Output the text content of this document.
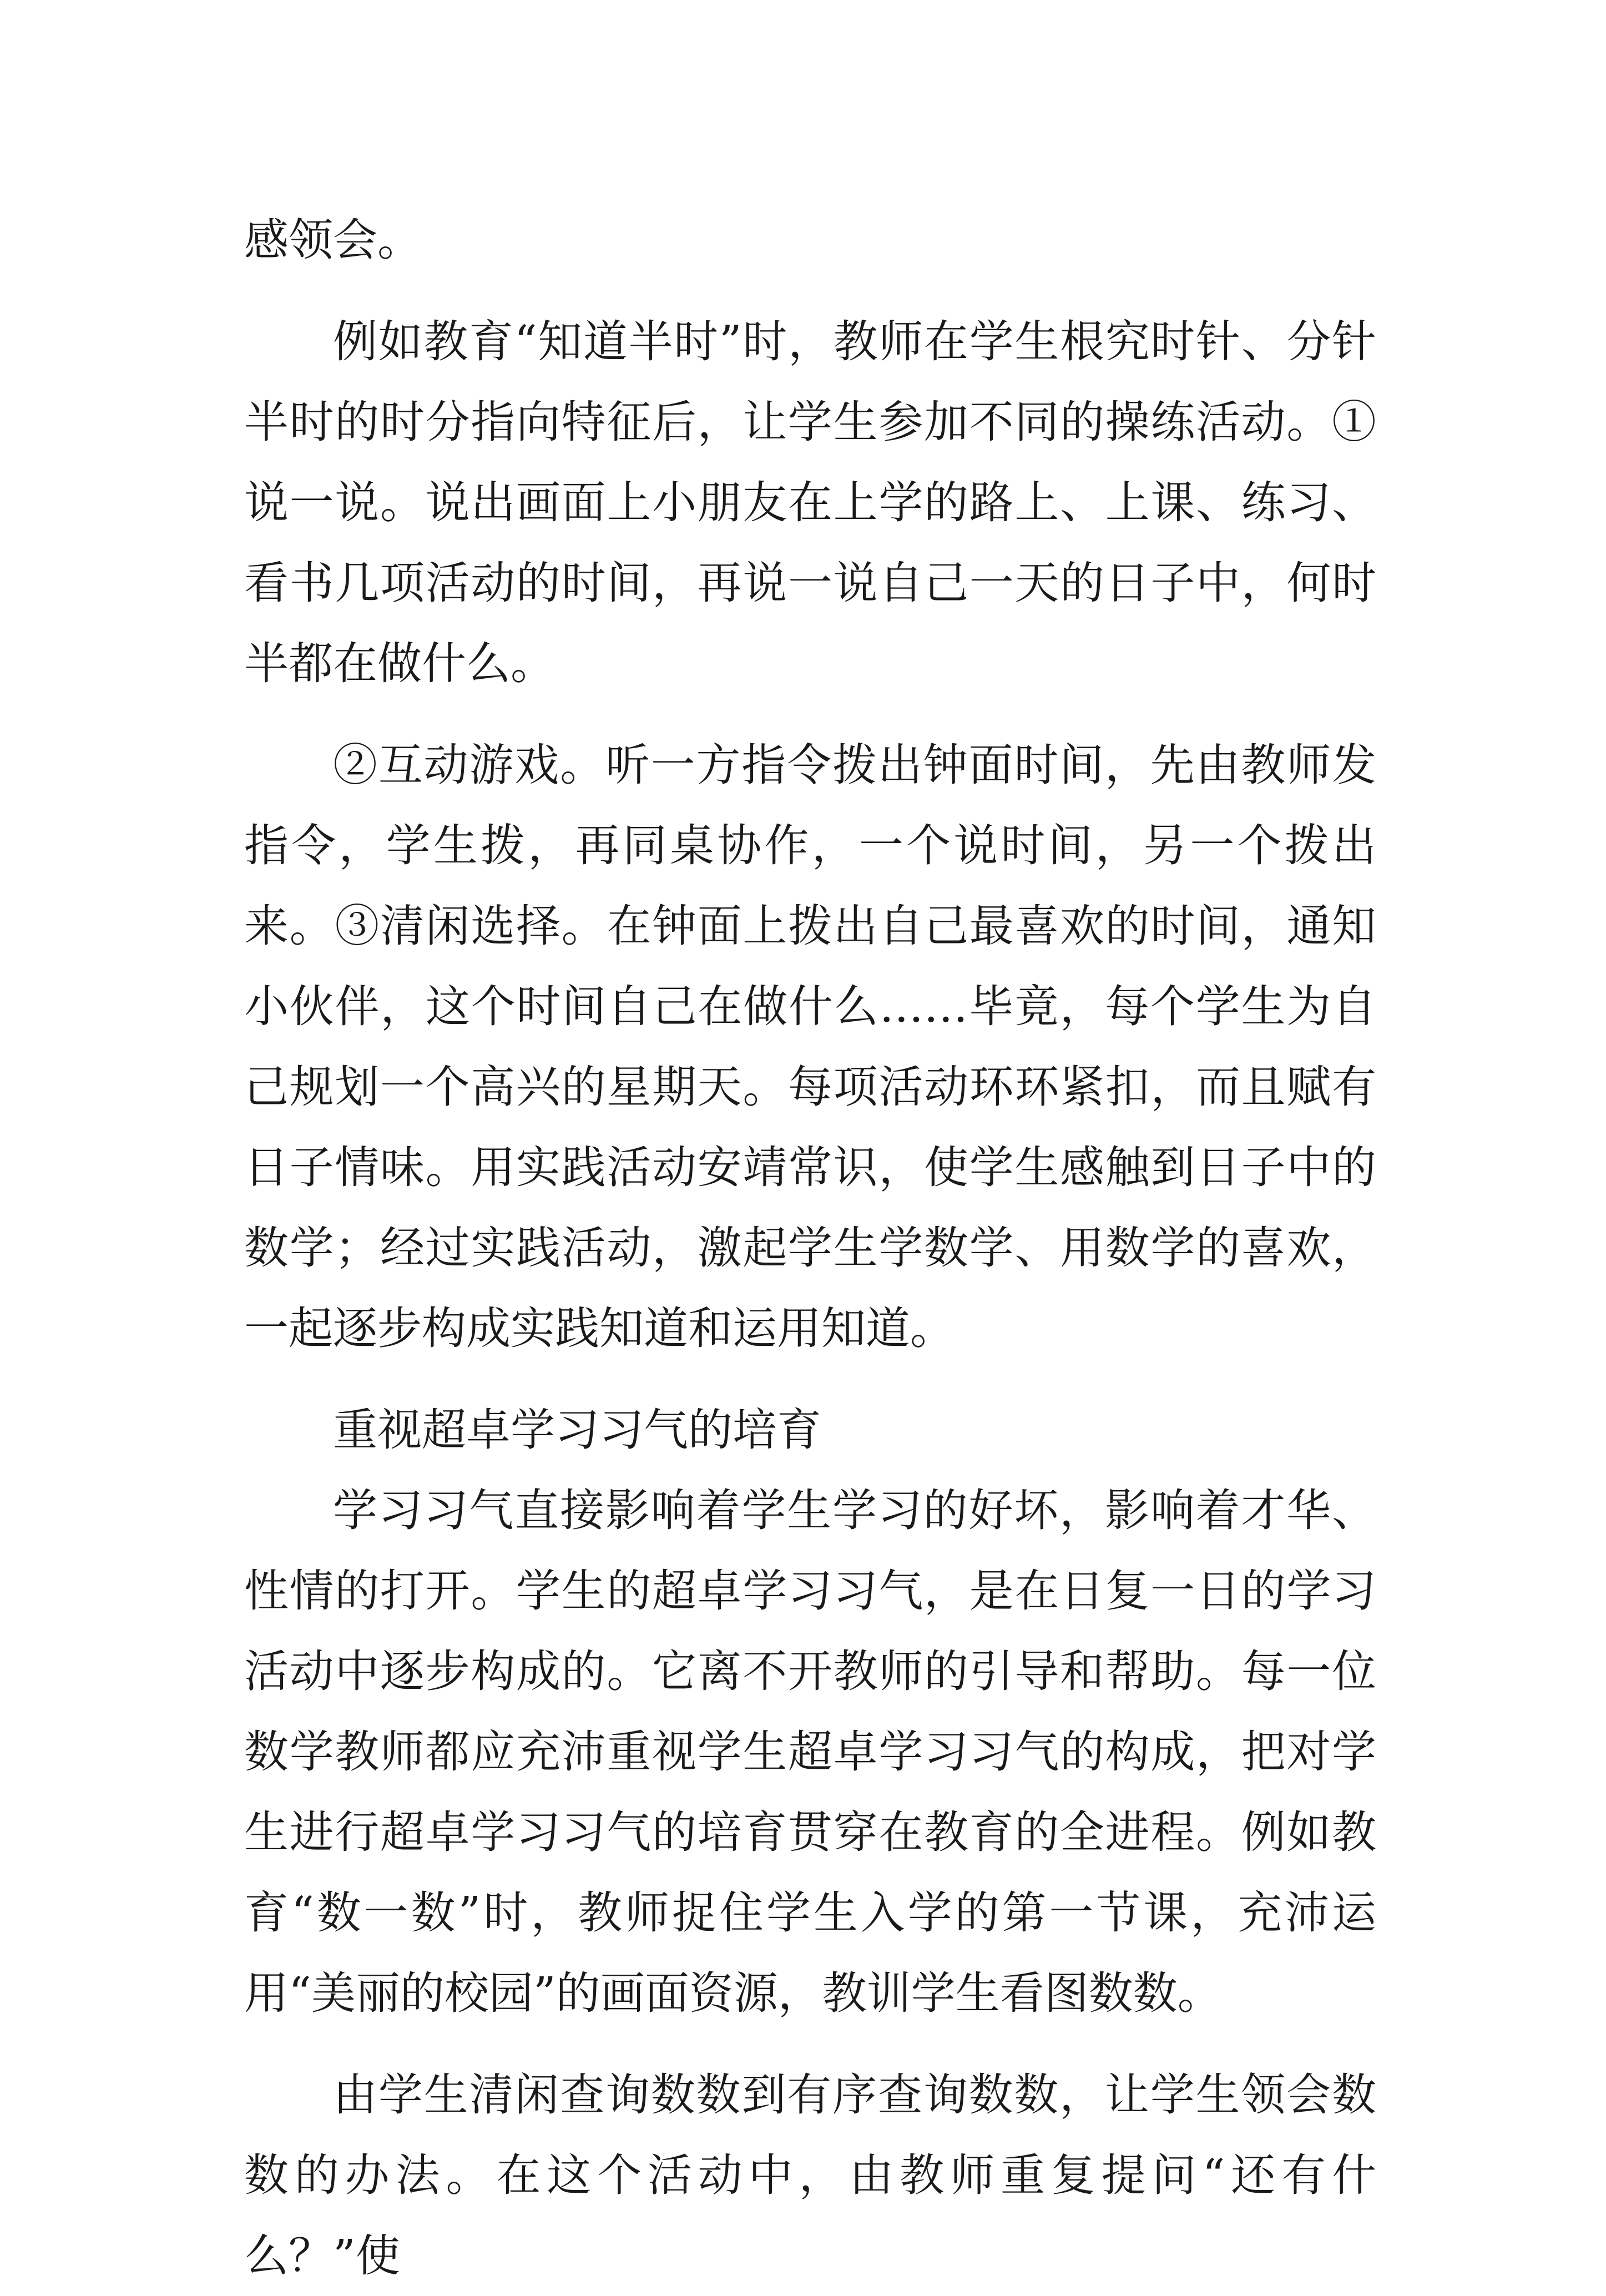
感领会。

例如教育“知道半时”时，教师在学生根究时针、分针半时的时分指向特征后，让学生参加不同的操练活动。①说一说。说出画面上小朋友在上学的路上、上课、练习、看书几项活动的时间，再说一说自己一天的日子中，何时半都在做什么。

②互动游戏。听一方指令拨出钟面时间，先由教师发指令，学生拨，再同桌协作，一个说时间，另一个拨出来。③清闲选择。在钟面上拨出自己最喜欢的时间，通知小伙伴，这个时间自己在做什么……毕竟，每个学生为自己规划一个高兴的星期天。每项活动环环紧扣，而且赋有日子情味。用实践活动安靖常识，使学生感触到日子中的数学；经过实践活动，激起学生学数学、用数学的喜欢，一起逐步构成实践知道和运用知道。

重视超卓学习习气的培育

学习习气直接影响着学生学习的好坏，影响着才华、性情的打开。学生的超卓学习习气，是在日复一日的学习活动中逐步构成的。它离不开教师的引导和帮助。每一位数学教师都应充沛重视学生超卓学习习气的构成，把对学生进行超卓学习习气的培育贯穿在教育的全进程。例如教育“数一数”时，教师捉住学生入学的第一节课，充沛运用“美丽的校园”的画面资源，教训学生看图数数。

由学生清闲查询数数到有序查询数数，让学生领会数数的办法。在这个活动中，由教师重复提问“还有什么？”使
